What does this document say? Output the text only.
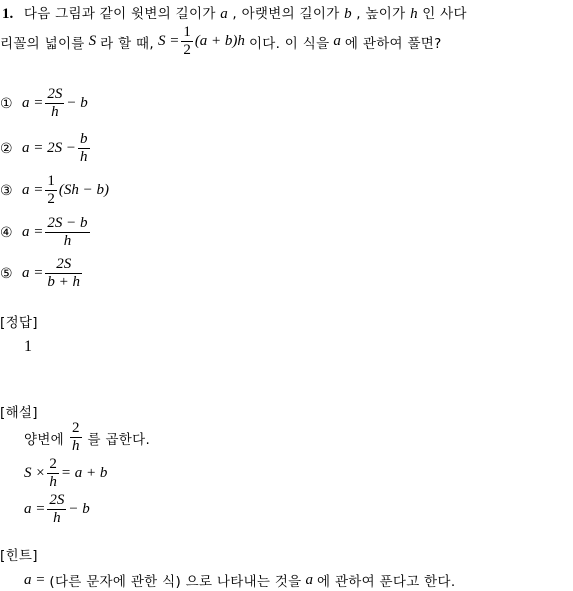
1. 다음 그림과 같이 윗변의 길이가 a , 아랫변의 길이가 b , 높이가 h 인 사다
리꼴의 넓이를 S 라 할 때, $S = \frac{1}{2} (a + b)h$ 이다. 이 식을 a 에 관하여 풀면?
① $a = \frac{2S}{h} - b$
② $a = 2S - \frac{b}{h}$
③ $a = \frac{1}{2} (Sh - b)$
④ $a = \frac{2S - b}{h}$
⑤ $a = \frac{2S}{b + h}$
[정답]
1
[해설]
양변에 $\frac{2}{h}$ 를 곱한다.
$S \times \frac{2}{h} = a + b$
$a = \frac{2S}{h} - b$
[힌트]
a = (다른 문자에 관한 식) 으로 나타내는 것을 a 에 관하여 푼다고 한다.
